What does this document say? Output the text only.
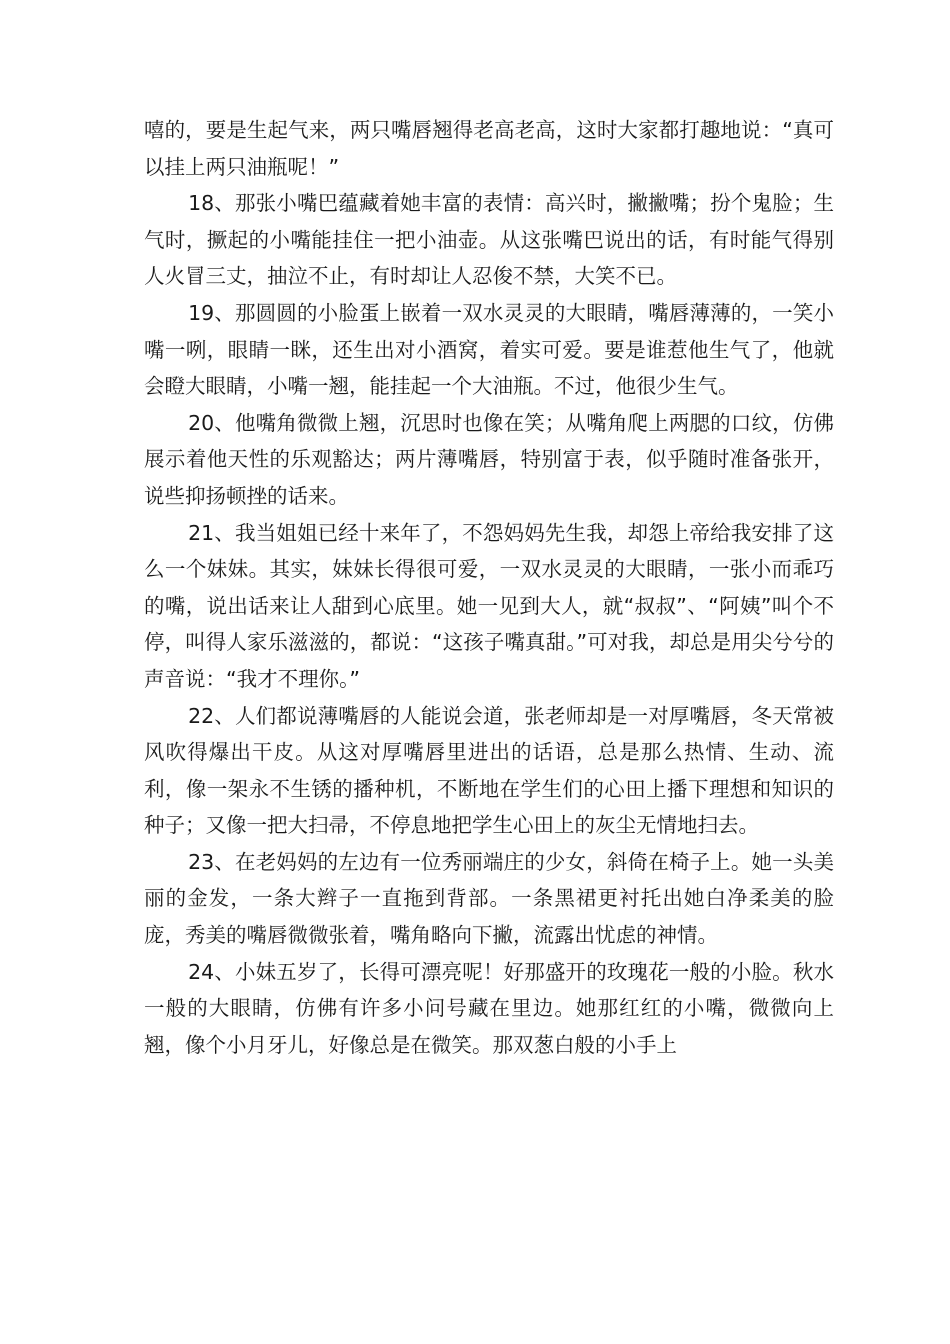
嘻的，要是生起气来，两只嘴唇翘得老高老高，这时大家都打趣地说：“真可以挂上两只油瓶呢！”

18、那张小嘴巴蕴藏着她丰富的表情：高兴时，撇撇嘴；扮个鬼脸；生气时，撅起的小嘴能挂住一把小油壶。从这张嘴巴说出的话，有时能气得别人火冒三丈，抽泣不止，有时却让人忍俊不禁，大笑不已。

19、那圆圆的小脸蛋上嵌着一双水灵灵的大眼睛，嘴唇薄薄的，一笑小嘴一咧，眼睛一眯，还生出对小酒窝，着实可爱。要是谁惹他生气了，他就会瞪大眼睛，小嘴一翘，能挂起一个大油瓶。不过，他很少生气。

20、他嘴角微微上翘，沉思时也像在笑；从嘴角爬上两腮的口纹，仿佛展示着他天性的乐观豁达；两片薄嘴唇，特别富于表，似乎随时准备张开，说些抑扬顿挫的话来。

21、我当姐姐已经十来年了，不怨妈妈先生我，却怨上帝给我安排了这么一个妹妹。其实，妹妹长得很可爱，一双水灵灵的大眼睛，一张小而乖巧的嘴，说出话来让人甜到心底里。她一见到大人，就“叔叔”、“阿姨”叫个不停，叫得人家乐滋滋的，都说：“这孩子嘴真甜。”可对我，却总是用尖兮兮的声音说：“我才不理你。”

22、人们都说薄嘴唇的人能说会道，张老师却是一对厚嘴唇，冬天常被风吹得爆出干皮。从这对厚嘴唇里进出的话语，总是那么热情、生动、流利，像一架永不生锈的播种机，不断地在学生们的心田上播下理想和知识的种子；又像一把大扫帚，不停息地把学生心田上的灰尘无情地扫去。

23、在老妈妈的左边有一位秀丽端庄的少女，斜倚在椅子上。她一头美丽的金发，一条大辫子一直拖到背部。一条黑裙更衬托出她白净柔美的脸庞，秀美的嘴唇微微张着，嘴角略向下撇，流露出忧虑的神情。

24、小妹五岁了，长得可漂亮呢！好那盛开的玫瑰花一般的小脸。秋水一般的大眼睛，仿佛有许多小问号藏在里边。她那红红的小嘴，微微向上翘，像个小月牙儿，好像总是在微笑。那双葱白般的小手上
